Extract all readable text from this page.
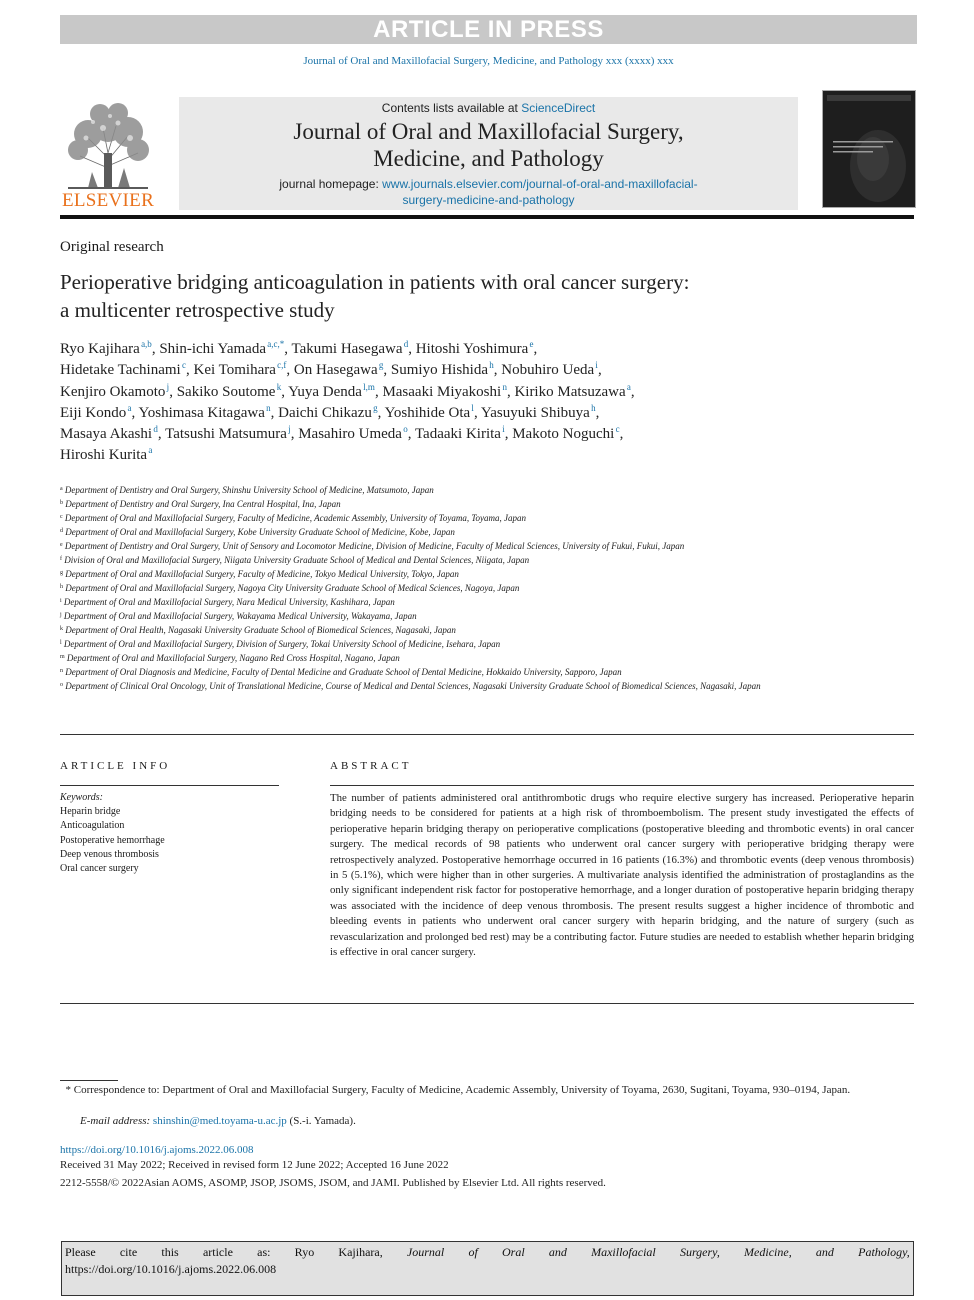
ARTICLE IN PRESS
Journal of Oral and Maxillofacial Surgery, Medicine, and Pathology xxx (xxxx) xxx
ELSEVIER
Contents lists available at ScienceDirect
Journal of Oral and Maxillofacial Surgery,
Medicine, and Pathology
journal homepage: www.journals.elsevier.com/journal-of-oral-and-maxillofacial-
surgery-medicine-and-pathology
Original research
Perioperative bridging anticoagulation in patients with oral cancer surgery:
a multicenter retrospective study
Ryo Kajihara $^{a,b}$, Shin-ichi Yamada $^{a,c,*}$, Takumi Hasegawa $^d$, Hitoshi Yoshimura $^e$,
Hidetake Tachinami $^c$, Kei Tomihara $^{c,f}$, On Hasegawa $^g$, Sumiyo Hishida $^h$, Nobuhiro Ueda $^i$,
Kenjiro Okamoto $^j$, Sakiko Soutome $^k$, Yuya Denda $^{l,m}$, Masaaki Miyakoshi $^n$, Kiriko Matsuzawa $^a$,
Eiji Kondo $^a$, Yoshimasa Kitagawa $^n$, Daichi Chikazu $^g$, Yoshihide Ota $^l$, Yasuyuki Shibuya $^h$,
Masaya Akashi $^d$, Tatsushi Matsumura $^j$, Masahiro Umeda $^o$, Tadaaki Kirita $^i$, Makoto Noguchi $^c$,
Hiroshi Kurita $^a$
$^a$ Department of Dentistry and Oral Surgery, Shinshu University School of Medicine, Matsumoto, Japan
$^b$ Department of Dentistry and Oral Surgery, Ina Central Hospital, Ina, Japan
$^c$ Department of Oral and Maxillofacial Surgery, Faculty of Medicine, Academic Assembly, University of Toyama, Toyama, Japan
$^d$ Department of Oral and Maxillofacial Surgery, Kobe University Graduate School of Medicine, Kobe, Japan
$^e$ Department of Dentistry and Oral Surgery, Unit of Sensory and Locomotor Medicine, Division of Medicine, Faculty of Medical Sciences, University of Fukui, Fukui, Japan
$^f$ Division of Oral and Maxillofacial Surgery, Niigata University Graduate School of Medical and Dental Sciences, Niigata, Japan
$^g$ Department of Oral and Maxillofacial Surgery, Faculty of Medicine, Tokyo Medical University, Tokyo, Japan
$^h$ Department of Oral and Maxillofacial Surgery, Nagoya City University Graduate School of Medical Sciences, Nagoya, Japan
$^i$ Department of Oral and Maxillofacial Surgery, Nara Medical University, Kashihara, Japan
$^j$ Department of Oral and Maxillofacial Surgery, Wakayama Medical University, Wakayama, Japan
$^k$ Department of Oral Health, Nagasaki University Graduate School of Biomedical Sciences, Nagasaki, Japan
$^l$ Department of Oral and Maxillofacial Surgery, Division of Surgery, Tokai University School of Medicine, Isehara, Japan
$^m$ Department of Oral and Maxillofacial Surgery, Nagano Red Cross Hospital, Nagano, Japan
$^n$ Department of Oral Diagnosis and Medicine, Faculty of Dental Medicine and Graduate School of Dental Medicine, Hokkaido University, Sapporo, Japan
$^o$ Department of Clinical Oral Oncology, Unit of Translational Medicine, Course of Medical and Dental Sciences, Nagasaki University Graduate School of Biomedical Sciences, Nagasaki, Japan
ARTICLE INFO	ABSTRACT
Keywords:
Heparin bridge
Anticoagulation
Postoperative hemorrhage
Deep venous thrombosis
Oral cancer surgery
The number of patients administered oral antithrombotic drugs who require elective surgery has increased. Perioperative heparin bridging needs to be considered for patients at a high risk of thromboembolism. The present study investigated the effects of perioperative heparin bridging therapy on perioperative complications (postoperative bleeding and thrombotic events) in oral cancer surgery. The medical records of 98 patients who underwent oral cancer surgery with perioperative bridging therapy were retrospectively analyzed. Postoperative hemorrhage occurred in 16 patients (16.3%) and thrombotic events (deep venous thrombosis) in 5 (5.1%), which were higher than in other surgeries. A multivariate analysis identified the administration of prostaglandins as the only significant independent risk factor for postoperative hemorrhage, and a longer duration of postoperative heparin bridging therapy was associated with the incidence of deep venous thrombosis. The present results suggest a higher incidence of thrombotic and bleeding events in patients who underwent oral cancer surgery with heparin bridging, and the nature of surgery (such as revascularization and prolonged bed rest) may be a contributing factor. Future studies are needed to establish whether heparin bridging is effective in oral cancer surgery.
* Correspondence to: Department of Oral and Maxillofacial Surgery, Faculty of Medicine, Academic Assembly, University of Toyama, 2630, Sugitani, Toyama, 930–0194, Japan.
E-mail address: shinshin@med.toyama-u.ac.jp (S.-i. Yamada).
https://doi.org/10.1016/j.ajoms.2022.06.008
Received 31 May 2022; Received in revised form 12 June 2022; Accepted 16 June 2022
2212-5558/© 2022Asian AOMS, ASOMP, JSOP, JSOMS, JSOM, and JAMI. Published by Elsevier Ltd. All rights reserved.
Please cite this article as: Ryo Kajihara, Journal of Oral and Maxillofacial Surgery, Medicine, and Pathology,
https://doi.org/10.1016/j.ajoms.2022.06.008
